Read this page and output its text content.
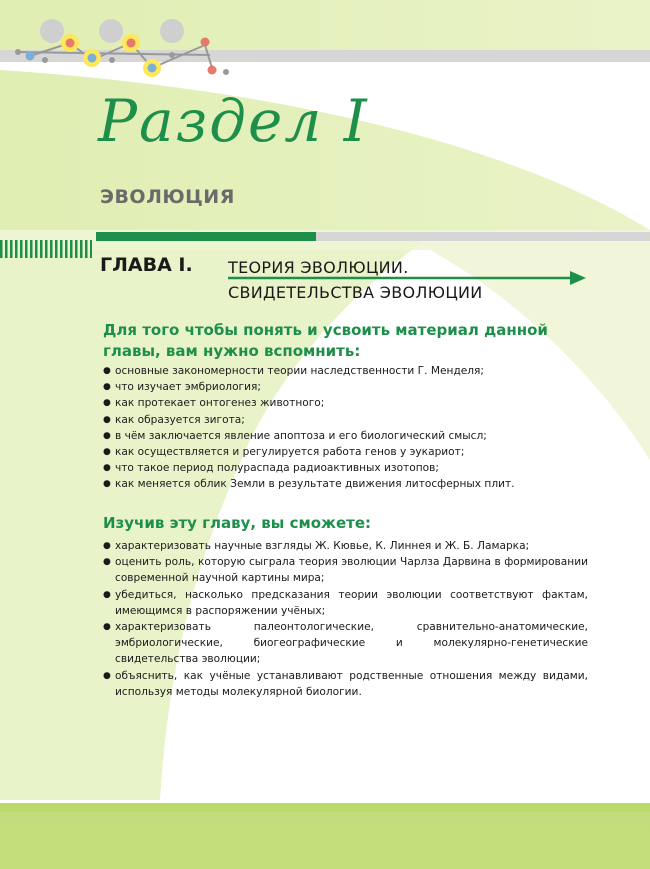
Раздел I
ЭВОЛЮЦИЯ
ГЛАВА I. ТЕОРИЯ ЭВОЛЮЦИИ.
СВИДЕТЕЛЬСТВА ЭВОЛЮЦИИ

Для того чтобы понять и усвоить материал данной главы, вам нужно вспомнить:

● основные закономерности теории наследственности Г. Менделя;
● что изучает эмбриология;
● как протекает онтогенез животного;
● как образуется зигота;
● в чём заключается явление апоптоза и его биологический смысл;
● как осуществляется и регулируется работа генов у эукариот;
● что такое период полураспада радиоактивных изотопов;
● как меняется облик Земли в результате движения литосферных плит.

Изучив эту главу, вы сможете:

● характеризовать научные взгляды Ж. Кювье, К. Линнея и Ж. Б. Ламарка;
● оценить роль, которую сыграла теория эволюции Чарлза Дарвина в формировании современной научной картины мира;
● убедиться, насколько предсказания теории эволюции соответствуют фактам, имеющимся в распоряжении учёных;
● характеризовать палеонтологические, сравнительно-анатомические, эмбриологические, биогеографические и молекулярно-генетические свидетельства эволюции;
● объяснить, как учёные устанавливают родственные отношения между видами, используя методы молекулярной биологии.
